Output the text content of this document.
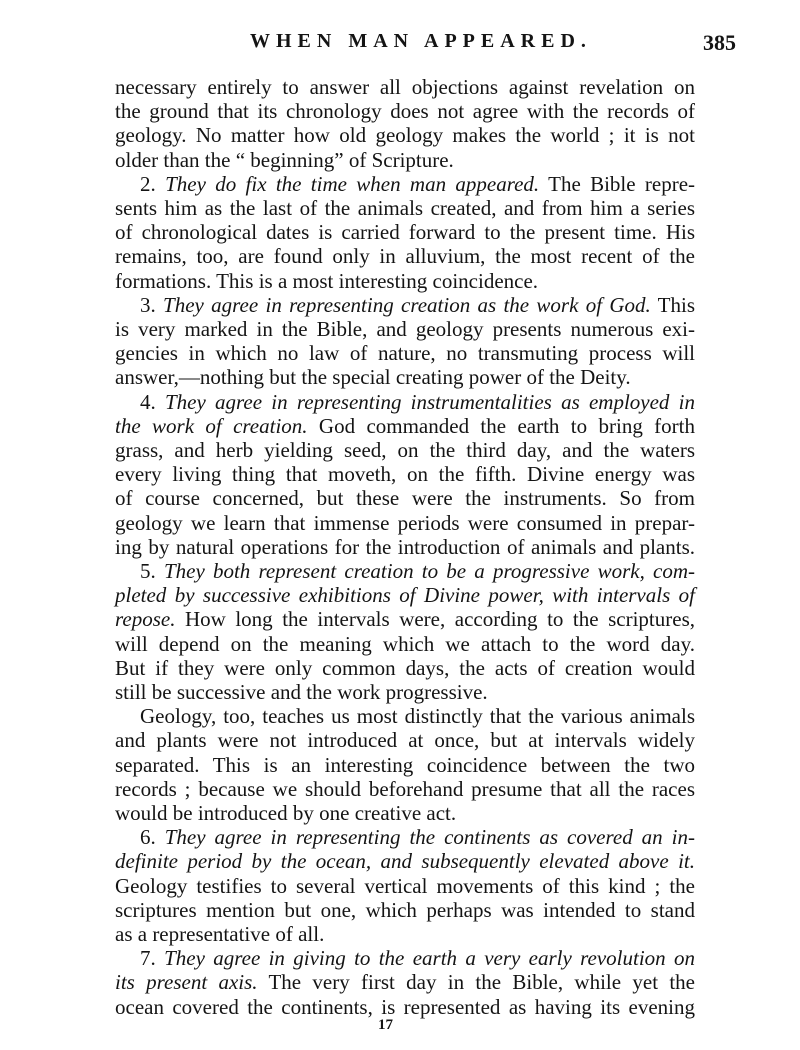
WHEN MAN APPEARED.	385
necessary entirely to answer all objections against revelation on
the ground that its chronology does not agree with the records of
geology. No matter how old geology makes the world ; it is not
older than the “ beginning” of Scripture.
2. They do fix the time when man appeared. The Bible repre-
sents him as the last of the animals created, and from him a series
of chronological dates is carried forward to the present time. His
remains, too, are found only in alluvium, the most recent of the
formations. This is a most interesting coincidence.
3. They agree in representing creation as the work of God. This
is very marked in the Bible, and geology presents numerous exi-
gencies in which no law of nature, no transmuting process will
answer,—nothing but the special creating power of the Deity.
4. They agree in representing instrumentalities as employed in
the work of creation. God commanded the earth to bring forth
grass, and herb yielding seed, on the third day, and the waters
every living thing that moveth, on the fifth. Divine energy was
of course concerned, but these were the instruments. So from
geology we learn that immense periods were consumed in prepar-
ing by natural operations for the introduction of animals and plants.
5. They both represent creation to be a progressive work, com-
pleted by successive exhibitions of Divine power, with intervals of
repose. How long the intervals were, according to the scriptures,
will depend on the meaning which we attach to the word day.
But if they were only common days, the acts of creation would
still be successive and the work progressive.
Geology, too, teaches us most distinctly that the various animals
and plants were not introduced at once, but at intervals widely
separated. This is an interesting coincidence between the two
records ; because we should beforehand presume that all the races
would be introduced by one creative act.
6. They agree in representing the continents as covered an in-
definite period by the ocean, and subsequently elevated above it.
Geology testifies to several vertical movements of this kind ; the
scriptures mention but one, which perhaps was intended to stand
as a representative of all.
7. They agree in giving to the earth a very early revolution on
its present axis. The very first day in the Bible, while yet the
ocean covered the continents, is represented as having its evening
17
